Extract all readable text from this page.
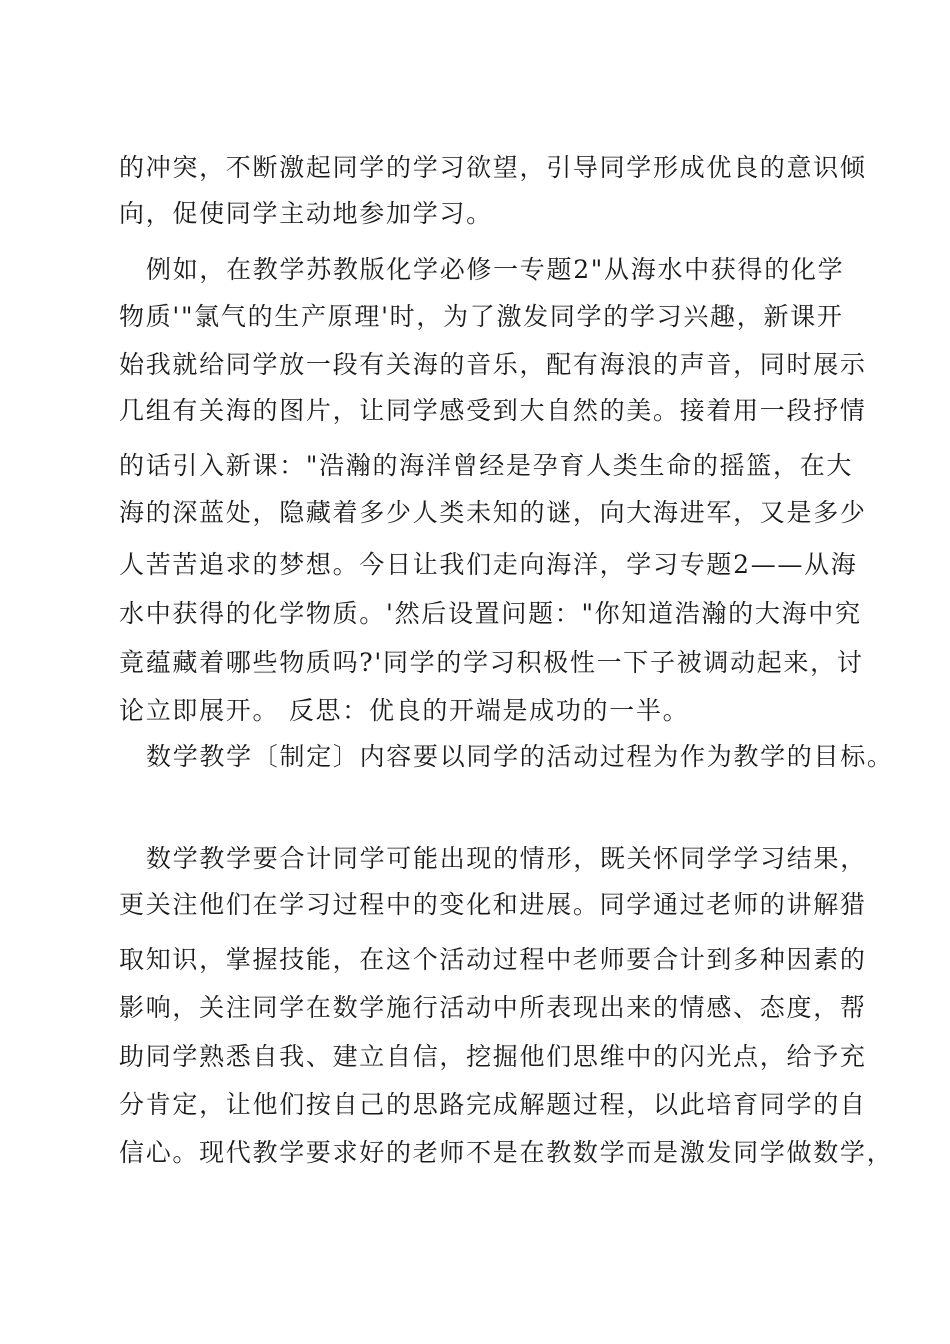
的冲突，不断激起同学的学习欲望，引导同学形成优良的意识倾
向，促使同学主动地参加学习。
例如，在教学苏教版化学必修一专题2"从海水中获得的化学
物质'"氯气的生产原理'时，为了激发同学的学习兴趣，新课开
始我就给同学放一段有关海的音乐，配有海浪的声音，同时展示
几组有关海的图片，让同学感受到大自然的美。接着用一段抒情
的话引入新课："浩瀚的海洋曾经是孕育人类生命的摇篮，在大
海的深蓝处，隐藏着多少人类未知的谜，向大海进军，又是多少
人苦苦追求的梦想。今日让我们走向海洋，学习专题2——从海
水中获得的化学物质。'然后设置问题："你知道浩瀚的大海中究
竟蕴藏着哪些物质吗?'同学的学习积极性一下子被调动起来，讨
论立即展开。 反思：优良的开端是成功的一半。
数学教学〔制定〕内容要以同学的活动过程为作为教学的目标。
数学教学要合计同学可能出现的情形，既关怀同学学习结果，
更关注他们在学习过程中的变化和进展。同学通过老师的讲解猎
取知识，掌握技能，在这个活动过程中老师要合计到多种因素的
影响，关注同学在数学施行活动中所表现出来的情感、态度，帮
助同学熟悉自我、建立自信，挖掘他们思维中的闪光点，给予充
分肯定，让他们按自己的思路完成解题过程，以此培育同学的自
信心。现代教学要求好的老师不是在教数学而是激发同学做数学，
